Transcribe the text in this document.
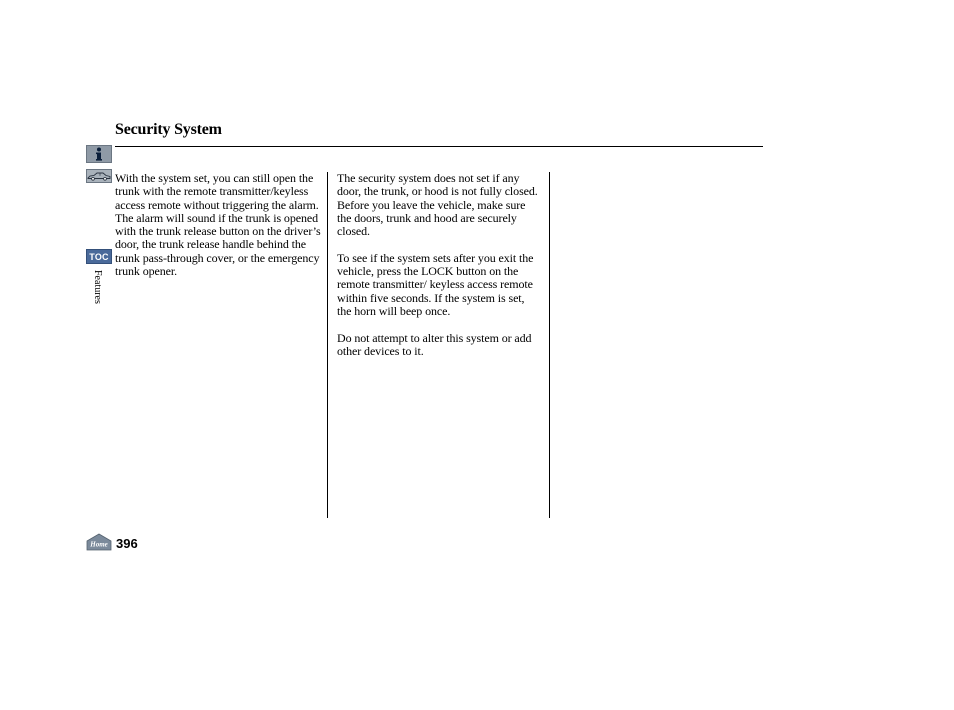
Security System
TOC
Features

With the system set, you can still open the trunk with the remote transmitter/keyless access remote without triggering the alarm. The alarm will sound if the trunk is opened with the trunk release button on the driver’s door, the trunk release handle behind the trunk pass-through cover, or the emergency trunk opener.

The security system does not set if any door, the trunk, or hood is not fully closed. Before you leave the vehicle, make sure the doors, trunk and hood are securely closed.

To see if the system sets after you exit the vehicle, press the LOCK button on the remote transmitter/ keyless access remote within five seconds. If the system is set, the horn will beep once.

Do not attempt to alter this system or add other devices to it.

Home 396
